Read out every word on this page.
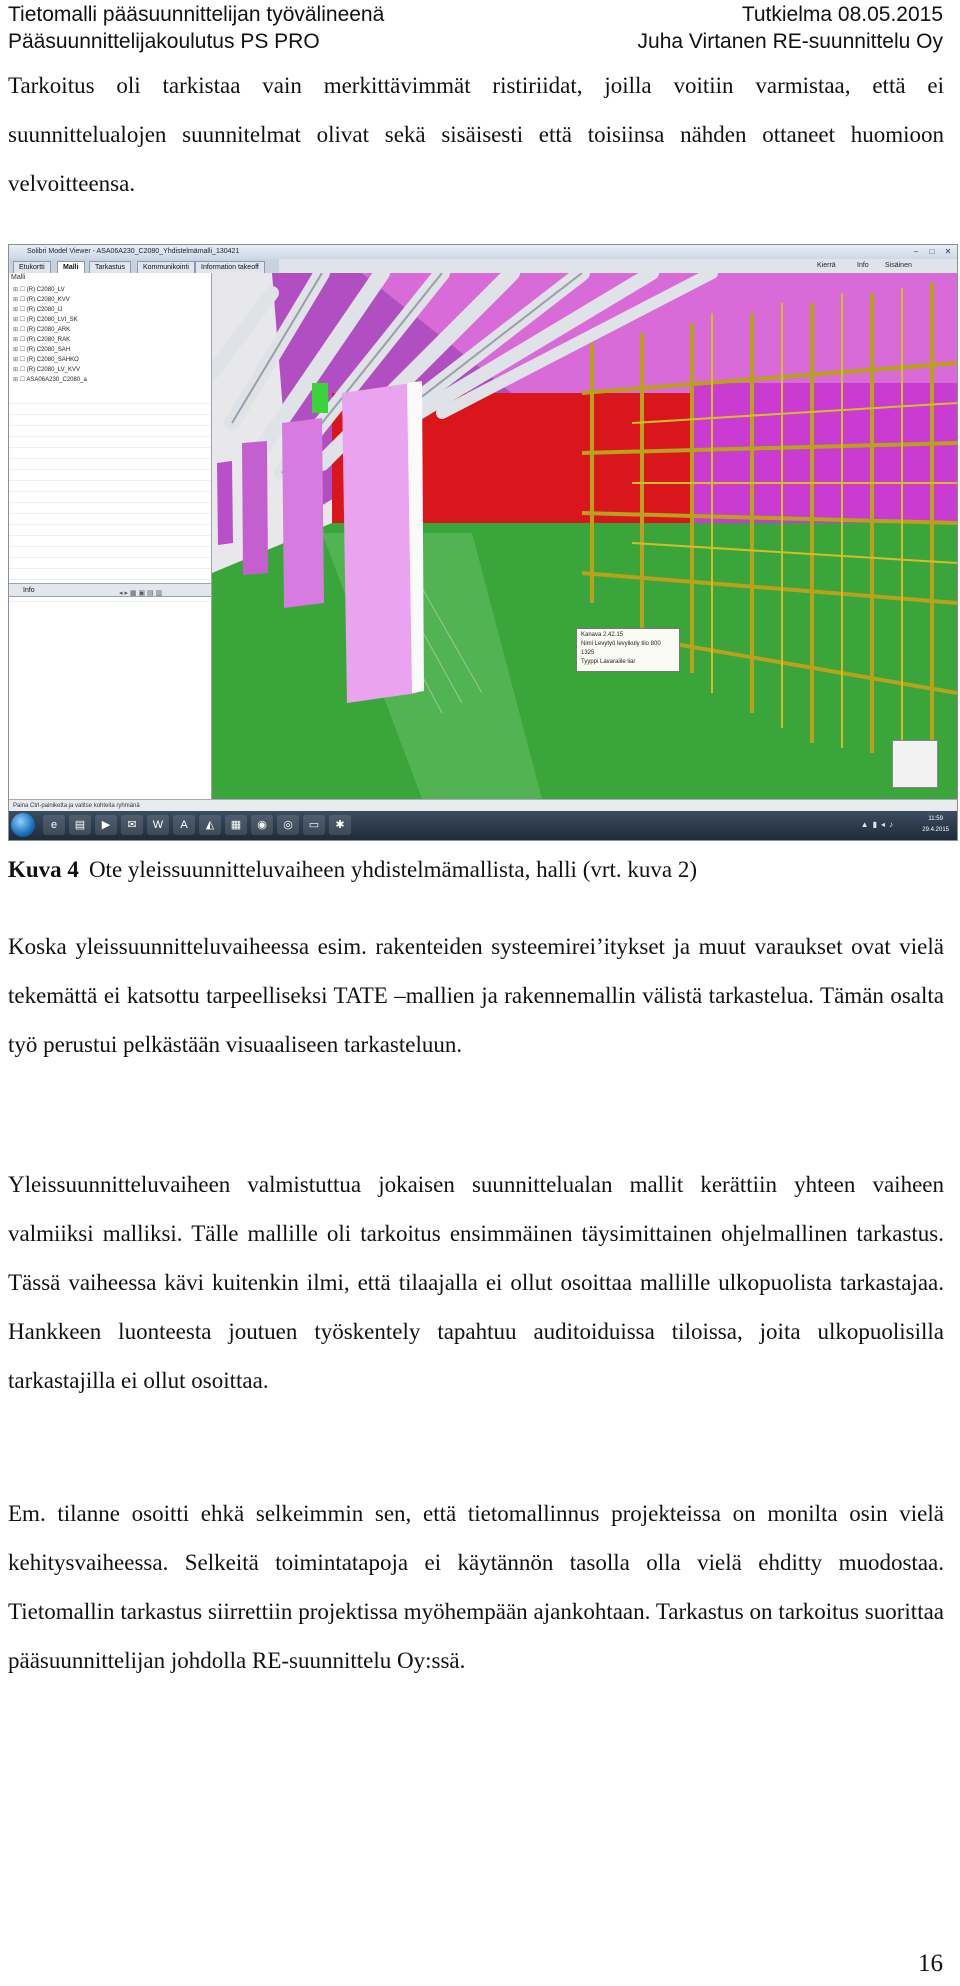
Tietomalli pääsuunnittelijan työvälineenä
Pääsuunnittelijakoulutus PS PRO
Tutkielma 08.05.2015
Juha Virtanen RE-suunnittelu Oy

Tarkoitus oli tarkistaa vain merkittävimmät ristiriidat, joilla voitiin varmistaa, että ei suunnittelualojen suunnitelmat olivat sekä sisäisesti että toisiinsa nähden ottaneet huomioon velvoitteensa.

Solibri Model Viewer - ASA06A230_C2080_Yhdistelmämalli_130421	–	□	✕
Etukortti	Malli	Tarkastus	Kommunikointi	Information takeoff	Kierrä	Info Sisäinen
Malli
⊞ ☐ (R) C2080_LV
⊞ ☐ (R) C2080_KVV
⊞ ☐ (R) C2080_IJ
⊞ ☐ (R) C2080_LVI_SK
⊞ ☐ (R) C2080_ARK
⊞ ☐ (R) C2080_RAK
⊞ ☐ (R) C2080_SAH
⊞ ☐ (R) C2080_SAHKO
⊞ ☐ (R) C2080_LV_KVV
⊞ ☐ ASA06A230_C2080_a
Info	◂ ▸ ▦ ▣ ▤ ▥
Kanava 2.42.15
Nimi Levytyö levyikuly tilo 800 1325
Tyyppi Lavaraiile liar
Paina Ctrl-painiketta ja valitse kohteita ryhmänä
e	▤	▶	✉	W	A	◭	▦	◉	◎	▭	✱	▲▮◂♪
11:59
29.4.2015
Kuva 4 Ote yleissuunnitteluvaiheen yhdistelmämallista, halli (vrt. kuva 2)

Koska yleissuunnitteluvaiheessa esim. rakenteiden systeemirei’itykset ja muut varaukset ovat vielä tekemättä ei katsottu tarpeelliseksi TATE –mallien ja rakennemallin välistä tarkastelua. Tämän osalta työ perustui pelkästään visuaaliseen tarkasteluun.

Yleissuunnitteluvaiheen valmistuttua jokaisen suunnittelualan mallit kerättiin yhteen vaiheen valmiiksi malliksi. Tälle mallille oli tarkoitus ensimmäinen täysimittainen ohjelmallinen tarkastus. Tässä vaiheessa kävi kuitenkin ilmi, että tilaajalla ei ollut osoittaa mallille ulkopuolista tarkastajaa. Hankkeen luonteesta joutuen työskentely tapahtuu auditoiduissa tiloissa, joita ulkopuolisilla tarkastajilla ei ollut osoittaa.

Em. tilanne osoitti ehkä selkeimmin sen, että tietomallinnus projekteissa on monilta osin vielä kehitysvaiheessa. Selkeitä toimintatapoja ei käytännön tasolla olla vielä ehditty muodostaa. Tietomallin tarkastus siirrettiin projektissa myöhempään ajankohtaan. Tarkastus on tarkoitus suorittaa pääsuunnittelijan johdolla RE-suunnittelu Oy:ssä.

16
